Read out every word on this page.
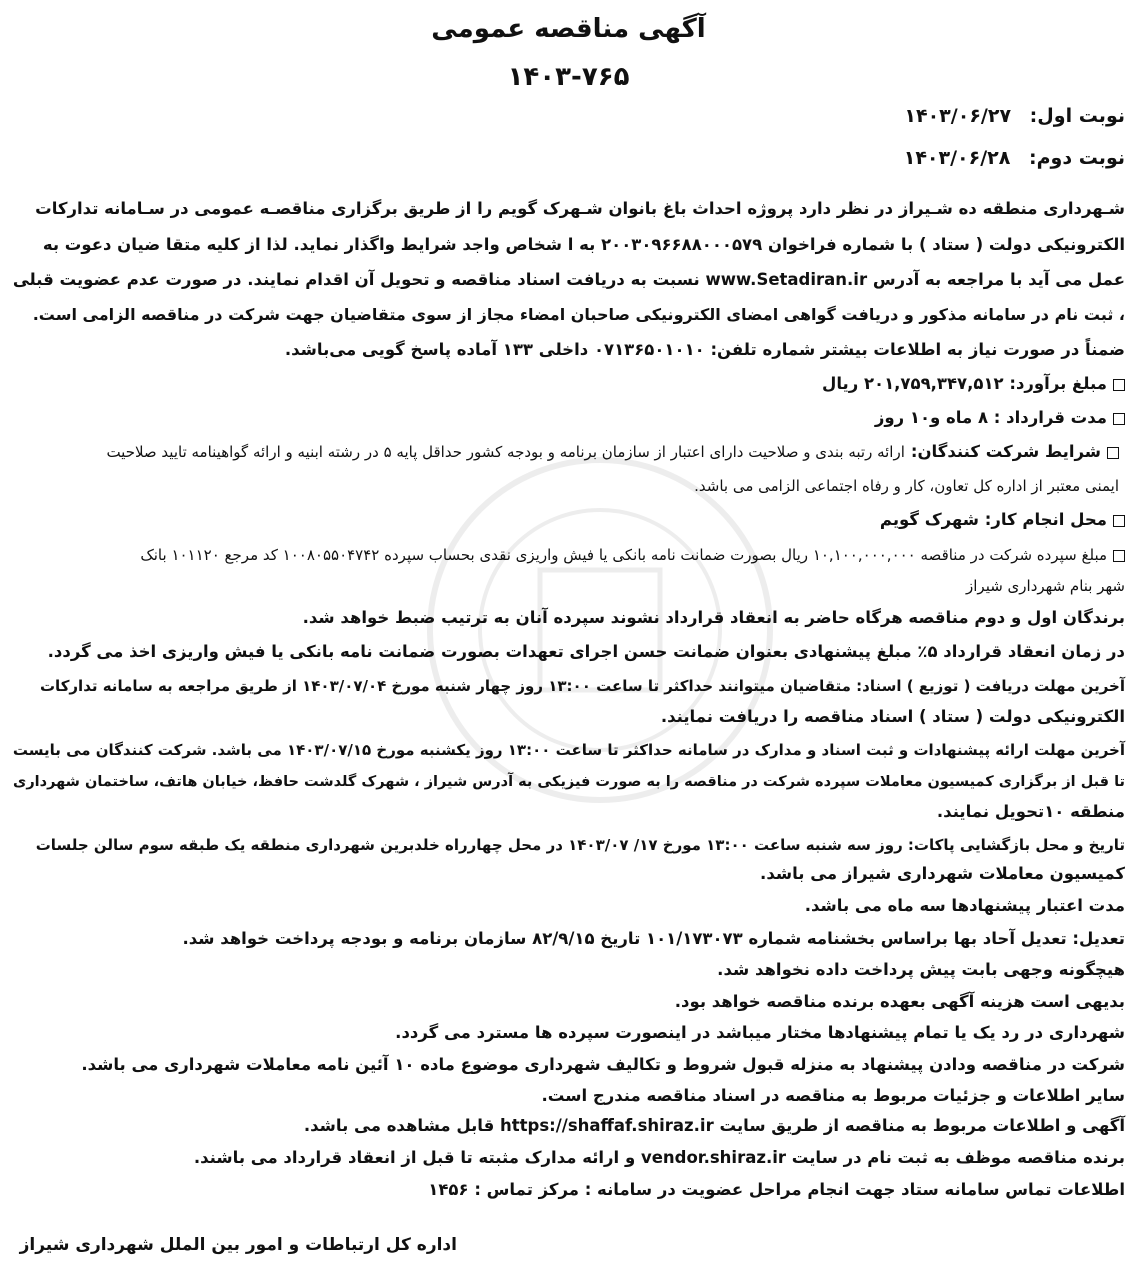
آگهی مناقصه عمومی
۱۴۰۳-۷۶۵
نوبت اول: ۱۴۰۳/۰۶/۲۷
نوبت دوم: ۱۴۰۳/۰۶/۲۸
شـهرداری منطقه ده شـیراز در نظر دارد پروژه احداث باغ بانوان شـهرک گویم را از طریق برگزاری مناقصـه عمومی در سـامانه تدارکات
الکترونیکی دولت ( ستاد ) با شماره فراخوان ۲۰۰۳۰۹۶۶۸۸۰۰۰۵۷۹ به ا شخاص واجد شرایط واگذار نماید. لذا از کلیه متقا ضیان دعوت به
عمل می آید با مراجعه به آدرس www.Setadiran.ir نسبت به دریافت اسناد مناقصه و تحویل آن اقدام نمایند. در صورت عدم عضویت قبلی
، ثبت نام در سامانه مذکور و دریافت گواهی امضای الکترونیکی صاحبان امضاء مجاز از سوی متقاضیان جهت شرکت در مناقصه الزامی است.
ضمناً در صورت نیاز به اطلاعات بیشتر شماره تلفن: ۰۷۱۳۶۵۰۱۰۱۰ داخلی ۱۳۳ آماده پاسخ گویی می‌باشد.
مبلغ برآورد: ۲۰۱,۷۵۹,۳۴۷,۵۱۲ ریال
مدت قرارداد : ۸ ماه و۱۰ روز
شرایط شرکت کنندگان:ارائه رتبه بندی و صلاحیت دارای اعتبار از سازمان برنامه و بودجه کشور حداقل پایه ۵ در رشته ابنیه و ارائه گواهینامه تایید صلاحیت
ایمنی معتبر از اداره کل تعاون، کار و رفاه اجتماعی الزامی می باشد.
محل انجام کار: شهرک گویم
مبلغ سپرده شرکت در مناقصه ۱۰,۱۰۰,۰۰۰,۰۰۰ ریال بصورت ضمانت نامه بانکی یا فیش واریزی نقدی بحساب سپرده ۱۰۰۸۰۵۵۰۴۷۴۲ کد مرجع ۱۰۱۱۲۰ بانک
شهر بنام شهرداری شیراز
برندگان اول و دوم مناقصه هرگاه حاضر به انعقاد قرارداد نشوند سپرده آنان به ترتیب ضبط خواهد شد.
در زمان انعقاد قرارداد ۵٪ مبلغ پیشنهادی بعنوان ضمانت حسن اجرای تعهدات بصورت ضمانت نامه بانکی یا فیش واریزی اخذ می گردد.
آخرین مهلت دریافت ( توزیع ) اسناد: متقاضیان میتوانند حداکثر تا ساعت ۱۳:۰۰ روز چهار شنبه مورخ ۱۴۰۳/۰۷/۰۴ از طریق مراجعه به سامانه تدارکات
الکترونیکی دولت ( ستاد ) اسناد مناقصه را دریافت نمایند.
آخرین مهلت ارائه پیشنهادات و ثبت اسناد و مدارک در سامانه حداکثر تا ساعت ۱۳:۰۰ روز یکشنبه مورخ ۱۴۰۳/۰۷/۱۵ می باشد. شرکت کنندگان می بایست
تا قبل از برگزاری کمیسیون معاملات سپرده شرکت در مناقصه را به صورت فیزیکی به آدرس شیراز ، شهرک گلدشت حافظ، خیابان هاتف، ساختمان شهرداری
منطقه ۱۰تحویل نمایند.
تاریخ و محل بازگشایی پاکات: روز سه شنبه ساعت ۱۳:۰۰ مورخ ۱۷/ ۱۴۰۳/۰۷ در محل چهارراه خلدبرین شهرداری منطقه یک طبقه سوم سالن جلسات
کمیسیون معاملات شهرداری شیراز می باشد.
مدت اعتبار پیشنهادها سه ماه می باشد.
تعدیل: تعدیل آحاد بها براساس بخشنامه شماره ۱۰۱/۱۷۳۰۷۳ تاریخ ۸۲/۹/۱۵ سازمان برنامه و بودجه پرداخت خواهد شد.
هیچگونه وجهی بابت پیش پرداخت داده نخواهد شد.
بدیهی است هزینه آگهی بعهده برنده مناقصه خواهد بود.
شهرداری در رد یک یا تمام پیشنهادها مختار میباشد در اینصورت سپرده ها مسترد می گردد.
شرکت در مناقصه ودادن پیشنهاد به منزله قبول شروط و تکالیف شهرداری موضوع ماده ۱۰ آئین نامه معاملات شهرداری می باشد.
سایر اطلاعات و جزئیات مربوط به مناقصه در اسناد مناقصه مندرج است.
آگهی و اطلاعات مربوط به مناقصه از طریق سایت https://shaffaf.shiraz.ir قابل مشاهده می باشد.
برنده مناقصه موظف به ثبت نام در سایت vendor.shiraz.ir و ارائه مدارک مثبته تا قبل از انعقاد قرارداد می باشند.
اطلاعات تماس سامانه ستاد جهت انجام مراحل عضویت در سامانه : مرکز تماس : ۱۴۵۶
اداره کل ارتباطات و امور بین الملل شهرداری شیراز
